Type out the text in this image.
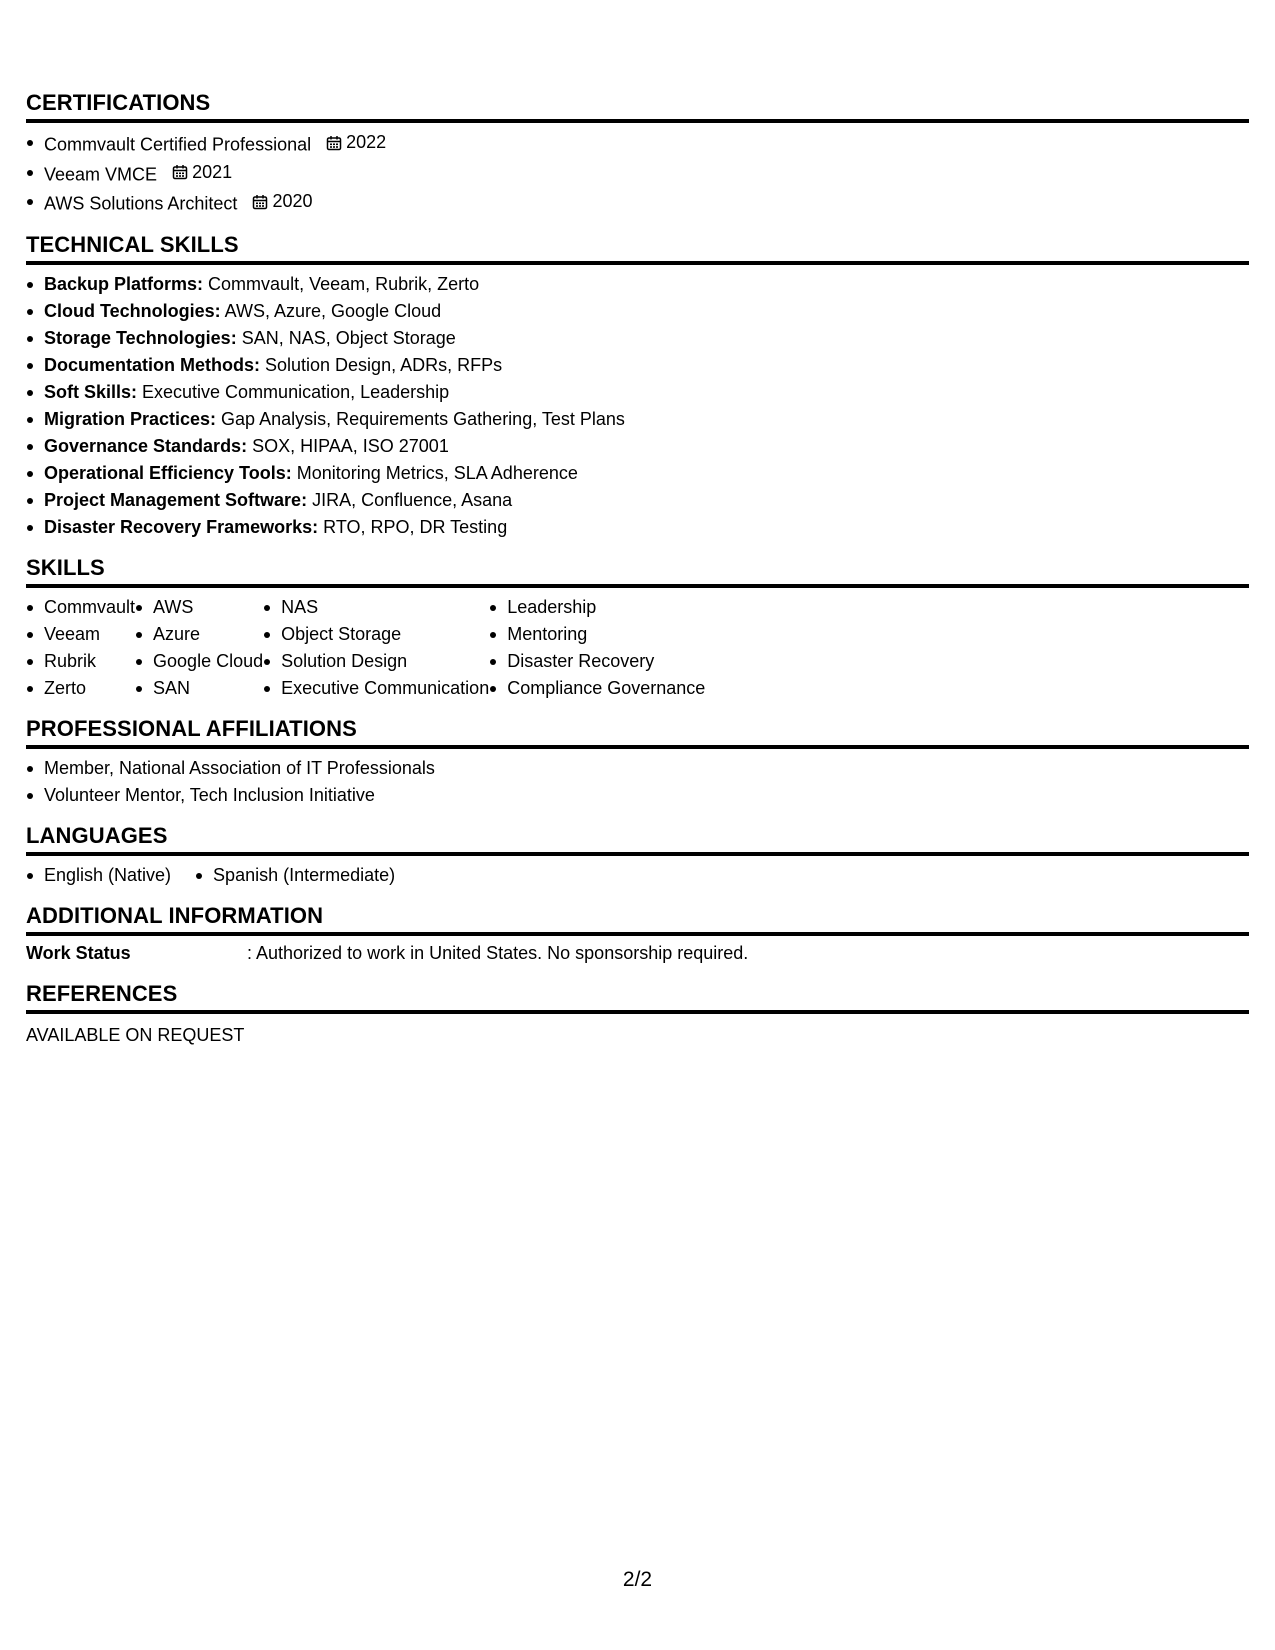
CERTIFICATIONS
Commvault Certified Professional 2022
Veeam VMCE 2021
AWS Solutions Architect 2020
TECHNICAL SKILLS
Backup Platforms: Commvault, Veeam, Rubrik, Zerto
Cloud Technologies: AWS, Azure, Google Cloud
Storage Technologies: SAN, NAS, Object Storage
Documentation Methods: Solution Design, ADRs, RFPs
Soft Skills: Executive Communication, Leadership
Migration Practices: Gap Analysis, Requirements Gathering, Test Plans
Governance Standards: SOX, HIPAA, ISO 27001
Operational Efficiency Tools: Monitoring Metrics, SLA Adherence
Project Management Software: JIRA, Confluence, Asana
Disaster Recovery Frameworks: RTO, RPO, DR Testing
SKILLS
Commvault
Veeam
Rubrik
Zerto
AWS
Azure
Google Cloud
SAN
NAS
Object Storage
Solution Design
Executive Communication
Leadership
Mentoring
Disaster Recovery
Compliance Governance
PROFESSIONAL AFFILIATIONS
Member, National Association of IT Professionals
Volunteer Mentor, Tech Inclusion Initiative
LANGUAGES
English (Native)	Spanish (Intermediate)
ADDITIONAL INFORMATION
Work Status	: Authorized to work in United States. No sponsorship required.
REFERENCES
AVAILABLE ON REQUEST
2/2
